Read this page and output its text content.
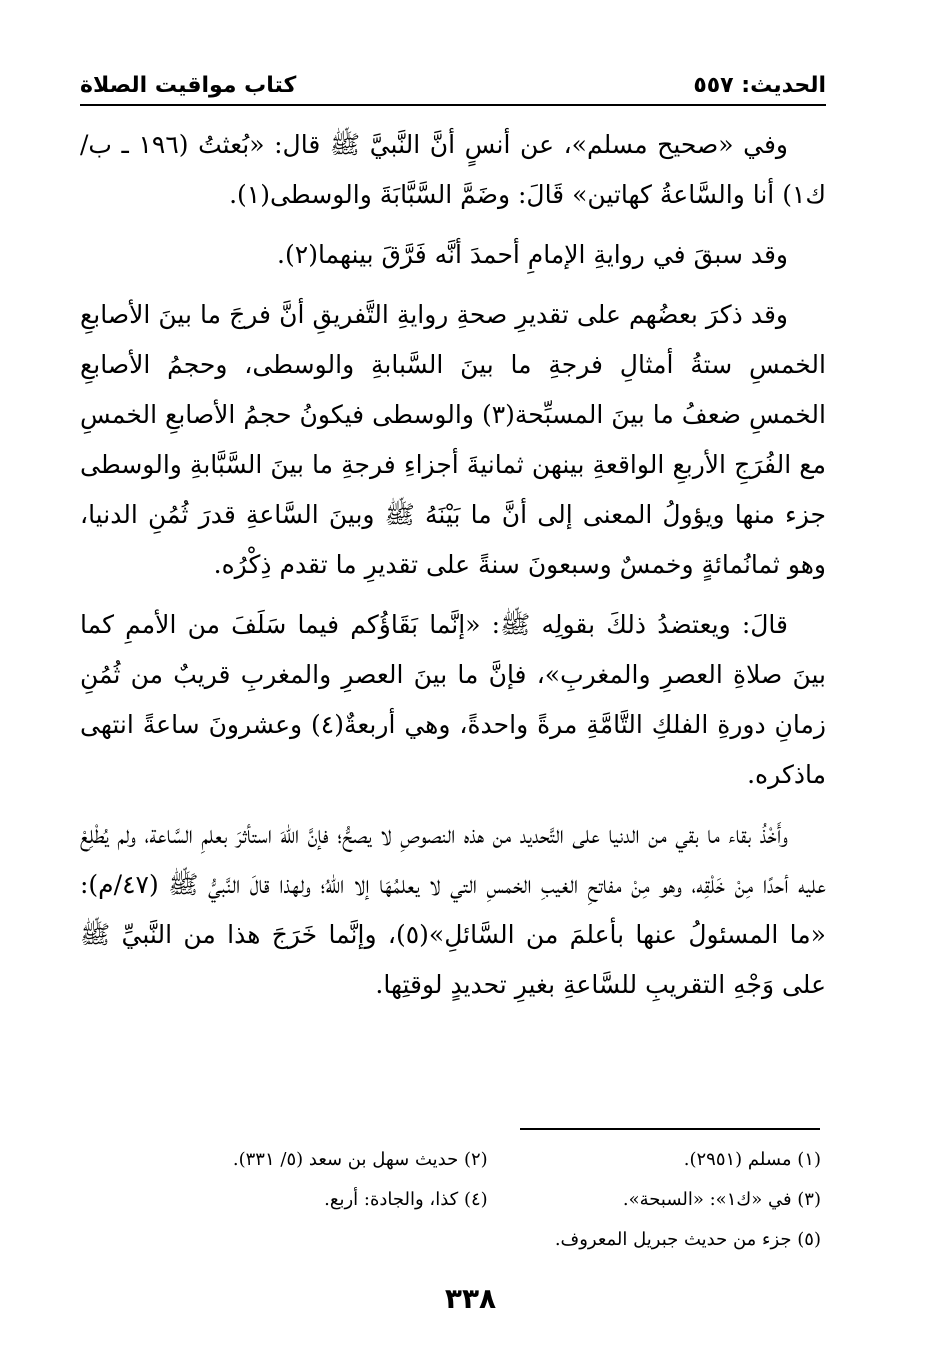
الحديث: ٥٥٧
كتاب مواقيت الصلاة

وفي «صحيح مسلم»، عن أنسٍ أنَّ النَّبيَّ ﷺ قال: «بُعثتُ (١٩٦ ـ ب/ك١) أنا والسَّاعةُ كهاتين» قَالَ: وضَمَّ السَّبَّابَةَ والوسطى(١).

وقد سبقَ في روايةِ الإمامِ أحمدَ أنَّه فَرَّقَ بينهما(٢).

وقد ذكرَ بعضُهم على تقديرِ صحةِ روايةِ التَّفريقِ أنَّ فرجَ ما بينَ الأصابعِ الخمسِ ستةُ أمثالِ فرجةِ ما بينَ السَّبابةِ والوسطى، وحجمُ الأصابعِ الخمسِ ضعفُ ما بينَ المسبِّحة(٣) والوسطى فيكونُ حجمُ الأصابعِ الخمسِ مع الفُرَجِ الأربعِ الواقعةِ بينهن ثمانيةَ أجزاءِ فرجةِ ما بينَ السَّبَّابةِ والوسطى جزء منها ويؤولُ المعنى إلى أنَّ ما بَيْنَهُ ﷺ وبينَ السَّاعةِ قدرَ ثُمُنِ الدنيا، وهو ثمانُمائةٍ وخمسٌ وسبعونَ سنةً على تقديرِ ما تقدم ذِكْرُه.

قالَ: ويعتضدُ ذلكَ بقولِه ﷺ: «إنَّما بَقَاؤُكم فيما سَلَفَ من الأممِ كما بينَ صلاةِ العصرِ والمغربِ»، فإنَّ ما بينَ العصرِ والمغربِ قريبٌ من ثُمُنِ زمانِ دورةِ الفلكِ التَّامَّةِ مرةً واحدةً، وهي أربعةٌ(٤) وعشرونَ ساعةً انتهى ماذكره.

وأَخْذُ بقاء ما بقي من الدنيا على التَّحديد من هذه النصوصِ لا يصحُّ؛ فإنَّ اللهَ استأثرَ بعلمِ السَّاعة، ولم يُطْلِعْ عليه أحدًا مِنْ خَلْقِه، وهو مِنْ مفاتحِ الغيبِ الخمسِ التي لا يعلمُهَا إلا اللهُ؛ ولهذا قالَ النَّبيُّ ﷺ (٤٧/م): «ما المسئولُ عنها بأعلمَ من السَّائلِ»(٥)، وإنَّما خَرَجَ هذا من النَّبيِّ ﷺ على وَجْهِ التقريبِ للسَّاعةِ بغيرِ تحديدٍ لوقتِها.

(١) مسلم (٢٩٥١).
(٢) حديث سهل بن سعد (٥/ ٣٣١).
(٣) في «ك١»: «السبحة».
(٤) كذا، والجادة: أربع.
(٥) جزء من حديث جبريل المعروف.
٣٣٨
